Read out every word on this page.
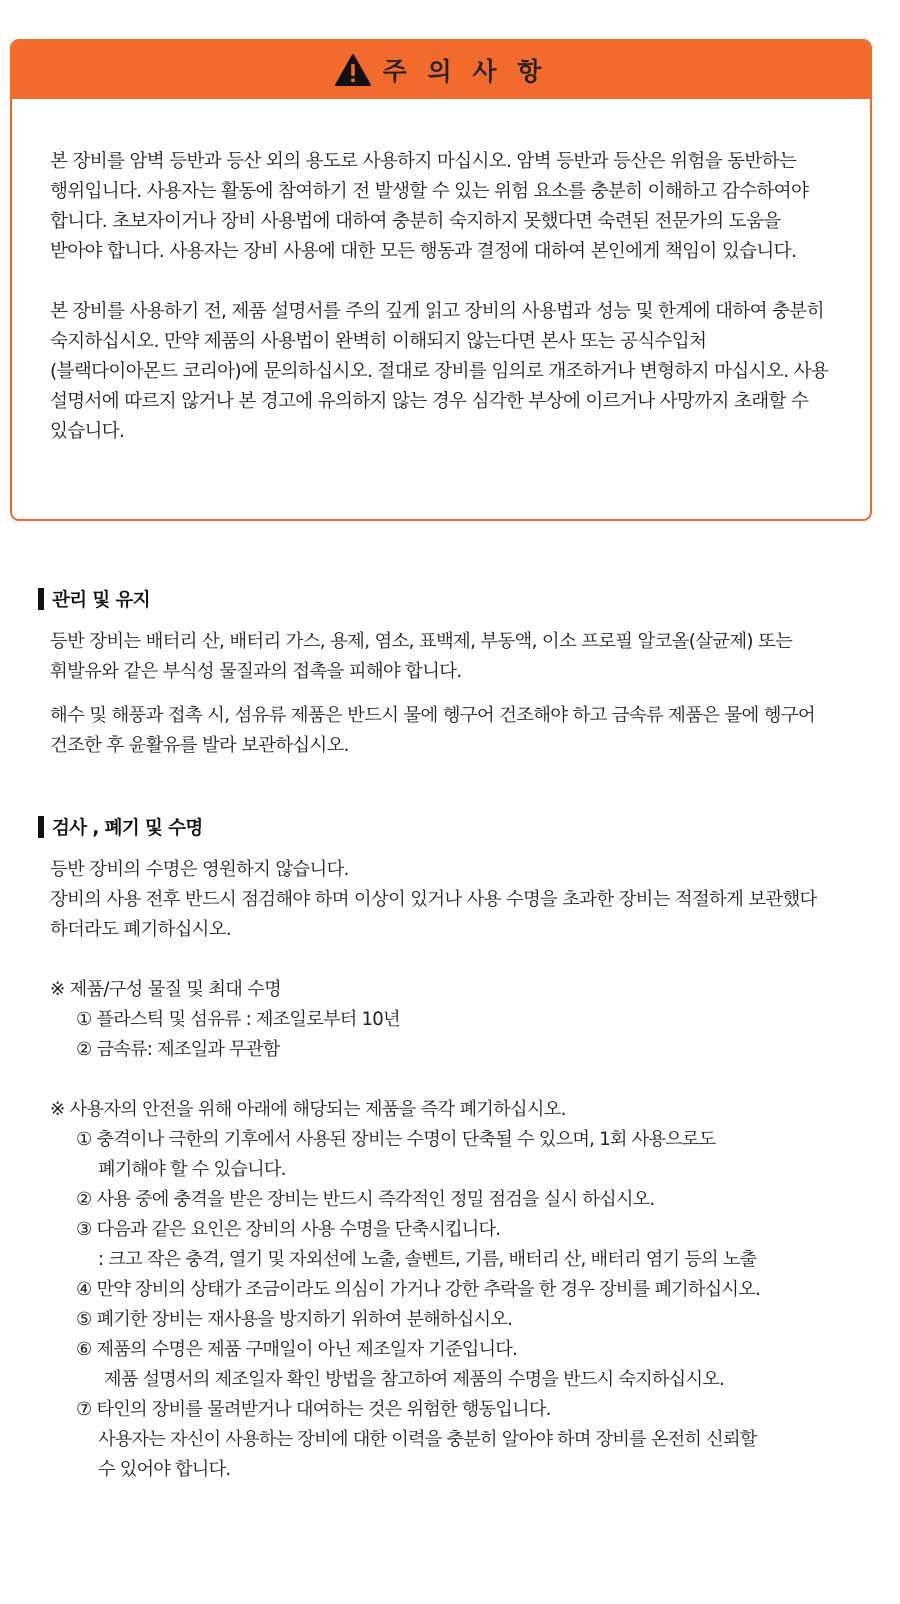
주 의 사 항

본 장비를 암벽 등반과 등산 외의 용도로 사용하지 마십시오. 암벽 등반과 등산은 위험을 동반하는 행위입니다. 사용자는 활동에 참여하기 전 발생할 수 있는 위험 요소를 충분히 이해하고 감수하여야 합니다. 초보자이거나 장비 사용법에 대하여 충분히 숙지하지 못했다면 숙련된 전문가의 도움을 받아야 합니다. 사용자는 장비 사용에 대한 모든 행동과 결정에 대하여 본인에게 책임이 있습니다.

본 장비를 사용하기 전, 제품 설명서를 주의 깊게 읽고 장비의 사용법과 성능 및 한계에 대하여 충분히 숙지하십시오. 만약 제품의 사용법이 완벽히 이해되지 않는다면 본사 또는 공식수입처(블랙다이아몬드 코리아)에 문의하십시오. 절대로 장비를 임의로 개조하거나 변형하지 마십시오. 사용 설명서에 따르지 않거나 본 경고에 유의하지 않는 경우 심각한 부상에 이르거나 사망까지 초래할 수 있습니다.

관리 및 유지

등반 장비는 배터리 산, 배터리 가스, 용제, 염소, 표백제, 부동액, 이소 프로필 알코올(살균제) 또는 휘발유와 같은 부식성 물질과의 접촉을 피해야 합니다.

해수 및 해풍과 접촉 시, 섬유류 제품은 반드시 물에 헹구어 건조해야 하고 금속류 제품은 물에 헹구어 건조한 후 윤활유를 발라 보관하십시오.

검사 , 폐기 및 수명

등반 장비의 수명은 영원하지 않습니다.

장비의 사용 전후 반드시 점검해야 하며 이상이 있거나 사용 수명을 초과한 장비는 적절하게 보관했다 하더라도 폐기하십시오.

※ 제품/구성 물질 및 최대 수명

① 플라스틱 및 섬유류 : 제조일로부터 10년

② 금속류: 제조일과 무관함

※ 사용자의 안전을 위해 아래에 해당되는 제품을 즉각 폐기하십시오.

① 충격이나 극한의 기후에서 사용된 장비는 수명이 단축될 수 있으며, 1회 사용으로도

폐기해야 할 수 있습니다.

② 사용 중에 충격을 받은 장비는 반드시 즉각적인 정밀 점검을 실시 하십시오.

③ 다음과 같은 요인은 장비의 사용 수명을 단축시킵니다.

: 크고 작은 충격, 열기 및 자외선에 노출, 솔벤트, 기름, 배터리 산, 배터리 염기 등의 노출

④ 만약 장비의 상태가 조금이라도 의심이 가거나 강한 추락을 한 경우 장비를 폐기하십시오.

⑤ 폐기한 장비는 재사용을 방지하기 위하여 분해하십시오.

⑥ 제품의 수명은 제품 구매일이 아닌 제조일자 기준입니다.

제품 설명서의 제조일자 확인 방법을 참고하여 제품의 수명을 반드시 숙지하십시오.

⑦ 타인의 장비를 물려받거나 대여하는 것은 위험한 행동입니다.

사용자는 자신이 사용하는 장비에 대한 이력을 충분히 알아야 하며 장비를 온전히 신뢰할

수 있어야 합니다.
